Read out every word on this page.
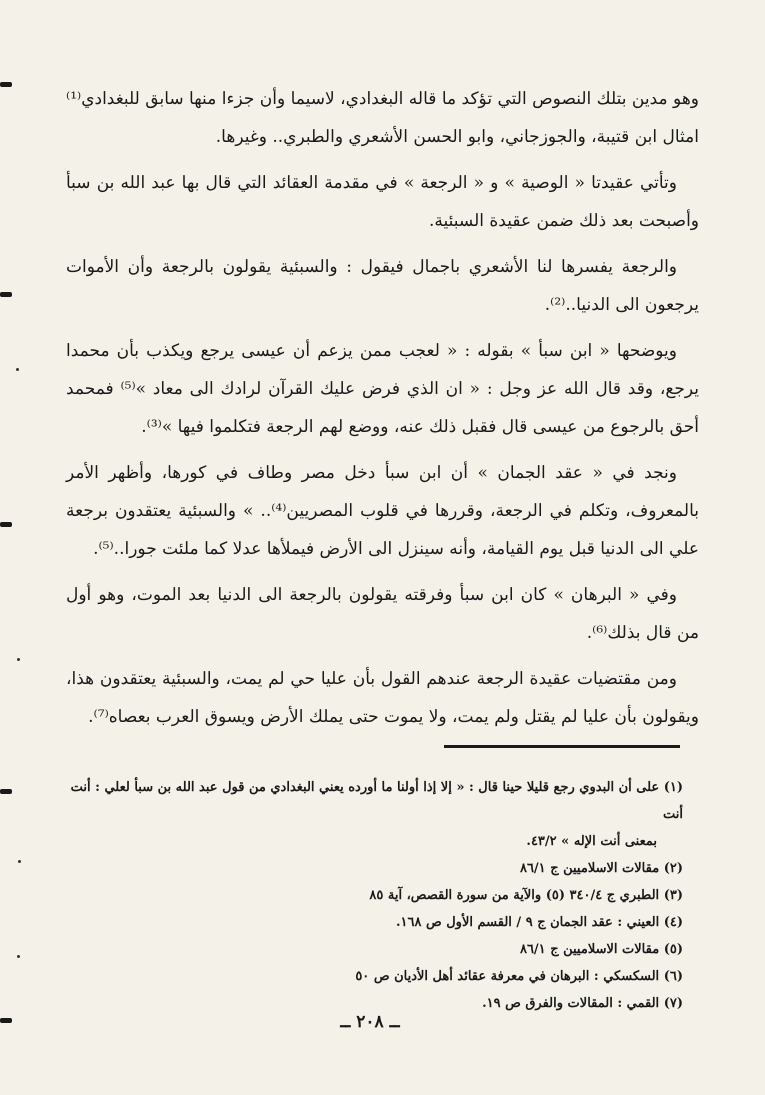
وهو مدين بتلك النصوص التي تؤكد ما قاله البغدادي، لاسيما وأن جزءا منها سابق للبغدادي⁽¹⁾ امثال ابن قتيبة، والجوزجاني، وابو الحسن الأشعري والطبري.. وغيرها.

وتأتي عقيدتا « الوصية » و « الرجعة » في مقدمة العقائد التي قال بها عبد الله بن سبأ وأصبحت بعد ذلك ضمن عقيدة السبئية.

والرجعة يفسرها لنا الأشعري باجمال فيقول : والسبئية يقولون بالرجعة وأن الأموات يرجعون الى الدنيا..⁽²⁾.

ويوضحها « ابن سبأ » بقوله : « لعجب ممن يزعم أن عيسى يرجع ويكذب بأن محمدا يرجع، وقد قال الله عز وجل : « ان الذي فرض عليك القرآن لرادك الى معاد »⁽⁵⁾ فمحمد أحق بالرجوع من عيسى قال فقبل ذلك عنه، ووضع لهم الرجعة فتكلموا فيها »⁽³⁾.

ونجد في « عقد الجمان » أن ابن سبأ دخل مصر وطاف في كورها، وأظهر الأمر بالمعروف، وتكلم في الرجعة، وقررها في قلوب المصريين⁽⁴⁾.. » والسبئية يعتقدون برجعة علي الى الدنيا قبل يوم القيامة، وأنه سينزل الى الأرض فيملأها عدلا كما ملئت جورا..⁽⁵⁾.

وفي « البرهان » كان ابن سبأ وفرقته يقولون بالرجعة الى الدنيا بعد الموت، وهو أول من قال بذلك⁽⁶⁾.

ومن مقتضيات عقيدة الرجعة عندهم القول بأن عليا حي لم يمت، والسبئية يعتقدون هذا، ويقولون بأن عليا لم يقتل ولم يمت، ولا يموت حتى يملك الأرض ويسوق العرب بعصاه⁽⁷⁾.

(١) على أن البدوي رجع قليلا حينا قال : « إلا إذا أولنا ما أورده يعني البغدادي من قول عبد الله بن سبأ لعلي : أنت أنت

بمعنى أنت الإله » ٤٣/٢.

(٢) مقالات الاسلاميين ج ٨٦/١

(٣) الطبري ج ٣٤٠/٤ (٥) والآية من سورة القصص، آية ٨٥

(٤) العيني : عقد الجمان ج ٩ / القسم الأول ص ١٦٨.

(٥) مقالات الاسلاميين ج ٨٦/١

(٦) السكسكي : البرهان في معرفة عقائد أهل الأديان ص ٥٠

(٧) القمي : المقالات والفرق ص ١٩.

ــ ٢٠٨ ــ
